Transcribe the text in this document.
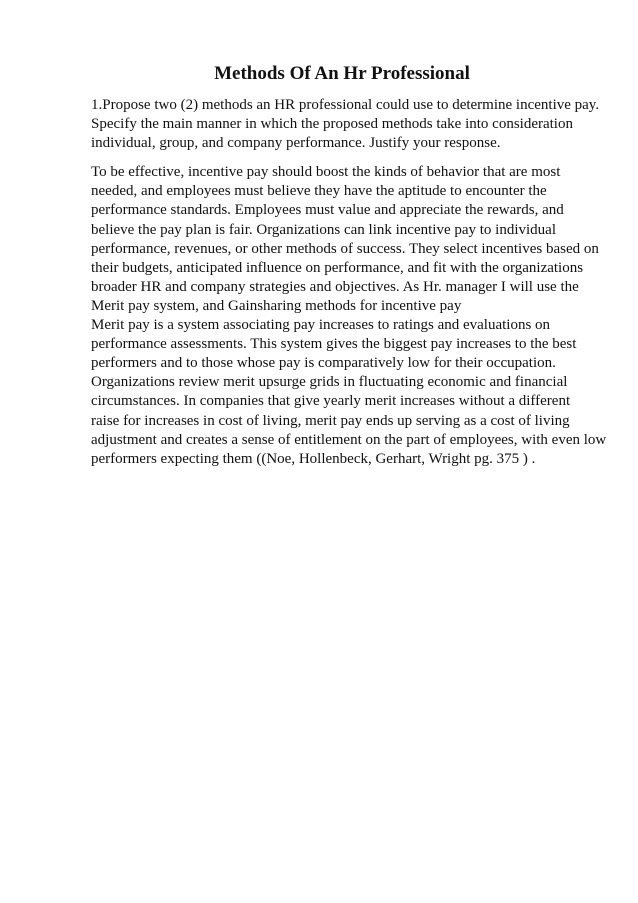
Methods Of An Hr Professional
1.Propose two (2) methods an HR professional could use to determine incentive pay.
Specify the main manner in which the proposed methods take into consideration
individual, group, and company performance. Justify your response.
To be effective, incentive pay should boost the kinds of behavior that are most
needed, and employees must believe they have the aptitude to encounter the
performance standards. Employees must value and appreciate the rewards, and
believe the pay plan is fair. Organizations can link incentive pay to individual
performance, revenues, or other methods of success. They select incentives based on
their budgets, anticipated influence on performance, and fit with the organizations
broader HR and company strategies and objectives. As Hr. manager I will use the
Merit pay system, and Gainsharing methods for incentive pay
Merit pay is a system associating pay increases to ratings and evaluations on
performance assessments. This system gives the biggest pay increases to the best
performers and to those whose pay is comparatively low for their occupation.
Organizations review merit upsurge grids in fluctuating economic and financial
circumstances. In companies that give yearly merit increases without a different
raise for increases in cost of living, merit pay ends up serving as a cost of living
adjustment and creates a sense of entitlement on the part of employees, with even low
performers expecting them ((Noe, Hollenbeck, Gerhart, Wright pg. 375 ) .
